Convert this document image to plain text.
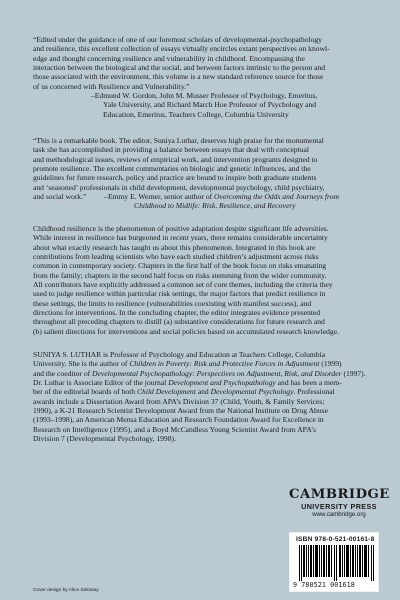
“Edited under the guidance of one of our foremost scholars of developmental-psychopathology
and resilience, this excellent collection of essays virtually encircles extant perspectives on knowl-
edge and thought concerning resilience and vulnerability in childhood. Encompassing the
interaction between the biological and the social, and between factors intrinsic to the person and
those associated with the environment, this volume is a new standard reference source for those
of us concerned with Resilience and Vulnerability.”
–Edmund W. Gordon, John M. Musser Professor of Psychology, Emeritus,
Yale University, and Richard March Hoe Professor of Psychology and
Education, Emeritus, Teachers College, Columbia University
“This is a remarkable book. The editor, Suniya Luthar, deserves high praise for the monumental
task she has accomplished in providing a balance between essays that deal with conceptual
and methodological issues, reviews of empirical work, and intervention programs designed to
promote resilience. The excellent commentaries on biologic and genetic influences, and the
guidelines for future research, policy and practice are bound to inspire both graduate students
and ‘seasoned’ professionals in child development, developmental psychology, child psychiatry,
and social work.” –Emmy E. Werner, senior author of Overcoming the Odds and Journeys from
Childhood to Midlife: Risk, Resilience, and Recovery
Childhood resilience is the phenomenon of positive adaptation despite significant life adversities.
While interest in resilience has burgeoned in recent years, there remains considerable uncertainty
about what exactly research has taught us about this phenomenon. Integrated in this book are
contributions from leading scientists who have each studied children’s adjustment across risks
common in contemporary society. Chapters in the first half of the book focus on risks emanating
from the family; chapters in the second half focus on risks stemming from the wider community.
All contributors have explicitly addressed a common set of core themes, including the criteria they
used to judge resilience within particular risk settings, the major factors that predict resilience in
these settings, the limits to resilience (vulnerabilities coexisting with manifest success), and
directions for interventions. In the concluding chapter, the editor integrates evidence presented
throughout all preceding chapters to distill (a) substantive considerations for future research and
(b) salient directions for interventions and social policies based on accumulated research knowledge.
SUNIYA S. LUTHAR is Professor of Psychology and Education at Teachers College, Columbia
University. She is the author of Children in Poverty: Risk and Protective Forces in Adjustment (1999)
and the coeditor of Developmental Psychopathology: Perspectives on Adjustment, Risk, and Disorder (1997).
Dr. Luthar is Associate Editor of the journal Development and Psychopathology and has been a mem-
ber of the editorial boards of both Child Development and Developmental Psychology. Professional
awards include a Dissertation Award from APA’s Division 37 (Child, Youth, & Family Services;
1990), a K-21 Research Scientist Development Award from the National Institute on Drug Abuse
(1993–1998), an American Mensa Education and Research Foundation Award for Excellence in
Research on Intelligence (1995), and a Boyd McCandless Young Scientist Award from APA’s
Division 7 (Developmental Psychology, 1998).
CAMBRIDGE
UNIVERSITY PRESS
www.cambridge.org
ISBN 978-0-521-00161-8
9 780521 001618
Cover design by Alice Soloway
